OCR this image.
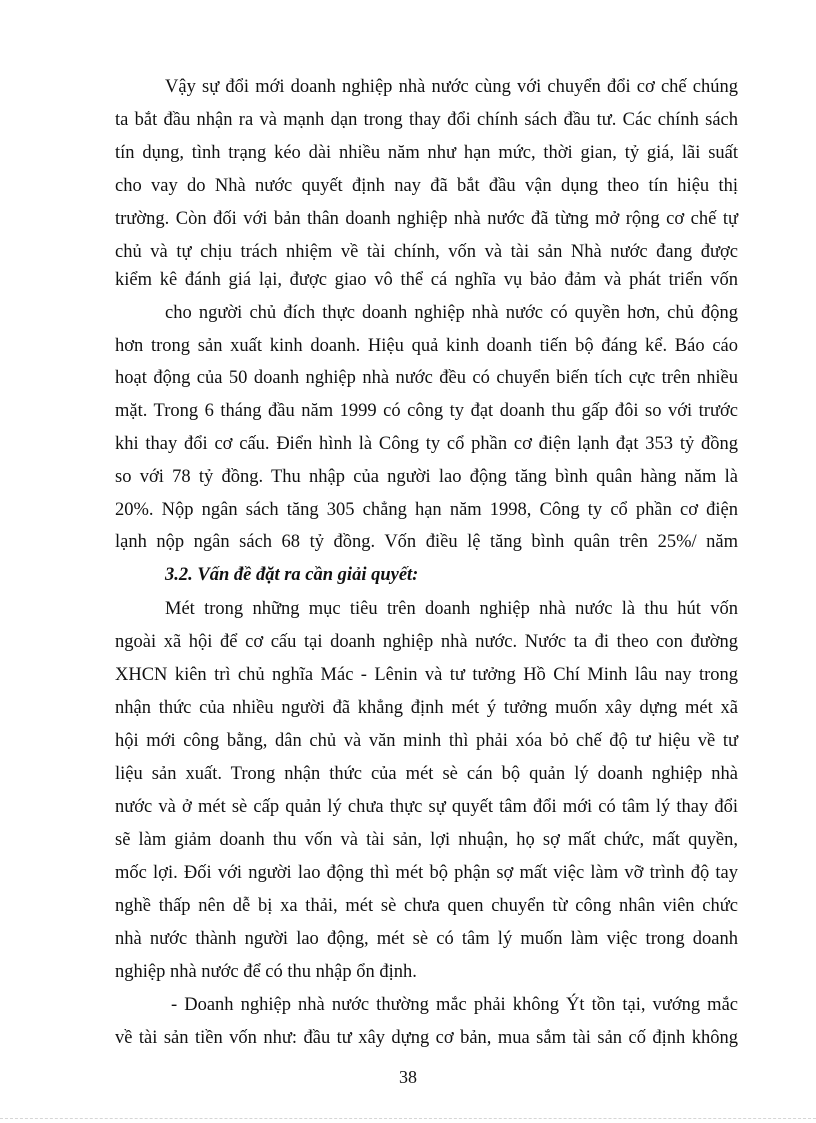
Vậy sự đổi mới doanh nghiệp nhà nước cùng với chuyển đổi cơ chế chúng
ta bắt đầu nhận ra và mạnh dạn trong thay đổi chính sách đầu tư. Các chính sách
tín dụng, tình trạng kéo dài nhiều năm như hạn mức, thời gian, tỷ giá, lãi suất
cho vay do Nhà nước quyết định nay đã bắt đầu vận dụng theo tín hiệu thị
trường. Còn đối với bản thân doanh nghiệp nhà nước đã từng mở rộng cơ chế tự
chủ và tự chịu trách nhiệm về tài chính, vốn và tài sản Nhà nước đang được
kiểm kê đánh giá lại, được giao vô thể cá nghĩa vụ bảo đảm và phát triển vốn
cho người chủ đích thực doanh nghiệp nhà nước có quyền hơn, chủ động
hơn trong sản xuất kinh doanh. Hiệu quả kinh doanh tiến bộ đáng kể. Báo cáo
hoạt động của 50 doanh nghiệp nhà nước đều có chuyển biến tích cực trên nhiều
mặt. Trong 6 tháng đầu năm 1999 có công ty đạt doanh thu gấp đôi so với trước
khi thay đổi cơ cấu. Điển hình là Công ty cổ phần cơ điện lạnh đạt 353 tỷ đồng
so với 78 tỷ đồng. Thu nhập của người lao động tăng bình quân hàng năm là
20%. Nộp ngân sách tăng 305 chẳng hạn năm 1998, Công ty cổ phần cơ điện
lạnh nộp ngân sách 68 tỷ đồng. Vốn điều lệ tăng bình quân trên 25%/ năm
3.2. Vấn đề đặt ra cần giải quyết:
Mét trong những mục tiêu trên doanh nghiệp nhà nước là thu hút vốn
ngoài xã hội để cơ cấu tại doanh nghiệp nhà nước. Nước ta đi theo con đường
XHCN kiên trì chủ nghĩa Mác - Lênin và tư tưởng Hồ Chí Minh lâu nay trong
nhận thức của nhiều người đã khẳng định mét ý tưởng muốn xây dựng mét xã
hội mới công bằng, dân chủ và văn minh thì phải xóa bỏ chế độ tư hiệu về tư
liệu sản xuất. Trong nhận thức của mét sè cán bộ quản lý doanh nghiệp nhà
nước và ở mét sè cấp quản lý chưa thực sự quyết tâm đổi mới có tâm lý thay đổi
sẽ làm giảm doanh thu vốn và tài sản, lợi nhuận, họ sợ mất chức, mất quyền,
mốc lợi. Đối với người lao động thì mét bộ phận sợ mất việc làm vỡ trình độ tay
nghề thấp nên dễ bị xa thải, mét sè chưa quen chuyển từ công nhân viên chức
nhà nước thành người lao động, mét sè có tâm lý muốn làm việc trong doanh
nghiệp nhà nước để có thu nhập ổn định.
- Doanh nghiệp nhà nước thường mắc phải không Ýt tồn tại, vướng mắc
về tài sản tiền vốn như: đầu tư xây dựng cơ bản, mua sắm tài sản cố định không
38
